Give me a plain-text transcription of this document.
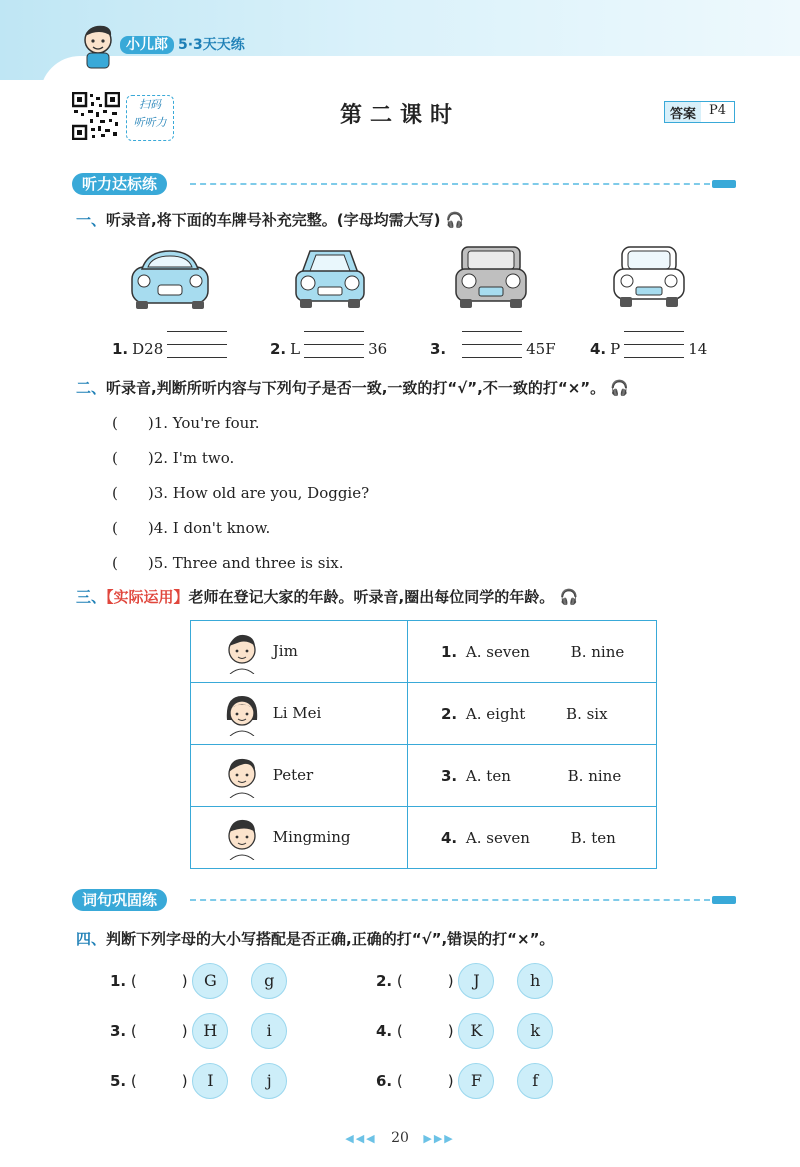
小儿郎 5·3天天练
扫码
听听力	第二课时	答案	P4
听力达标练
一、听录音,将下面的车牌号补充完整。(字母均需大写) 🎧
1. D28	2. L	36	3.	45F 4. P	14
二、听录音,判断所听内容与下列句子是否一致,一致的打“√”,不一致的打“×”。 🎧
(　　)1. You're four.
(　　)2. I'm two.
(　　)3. How old are you, Doggie?
(　　)4. I don't know.
(　　)5. Three and three is six.
三、【实际运用】老师在登记大家的年龄。听录音,圈出每位同学的年龄。 🎧
Jim	1. A. seven B. nine
Li Mei	2. A. eight B. six
Peter	3. A. ten B. nine
Mingming	4. A. seven B. ten
词句巩固练
四、判断下列字母的大小写搭配是否正确,正确的打“√”,错误的打“×”。
1. (　　　) G	g	2. (　　　) J	h
3. (　　　) H	i	4. (　　　) K	k
5. (　　　) I	j	6. (　　　) F	f
◀◀◀ 20 ▶▶▶
